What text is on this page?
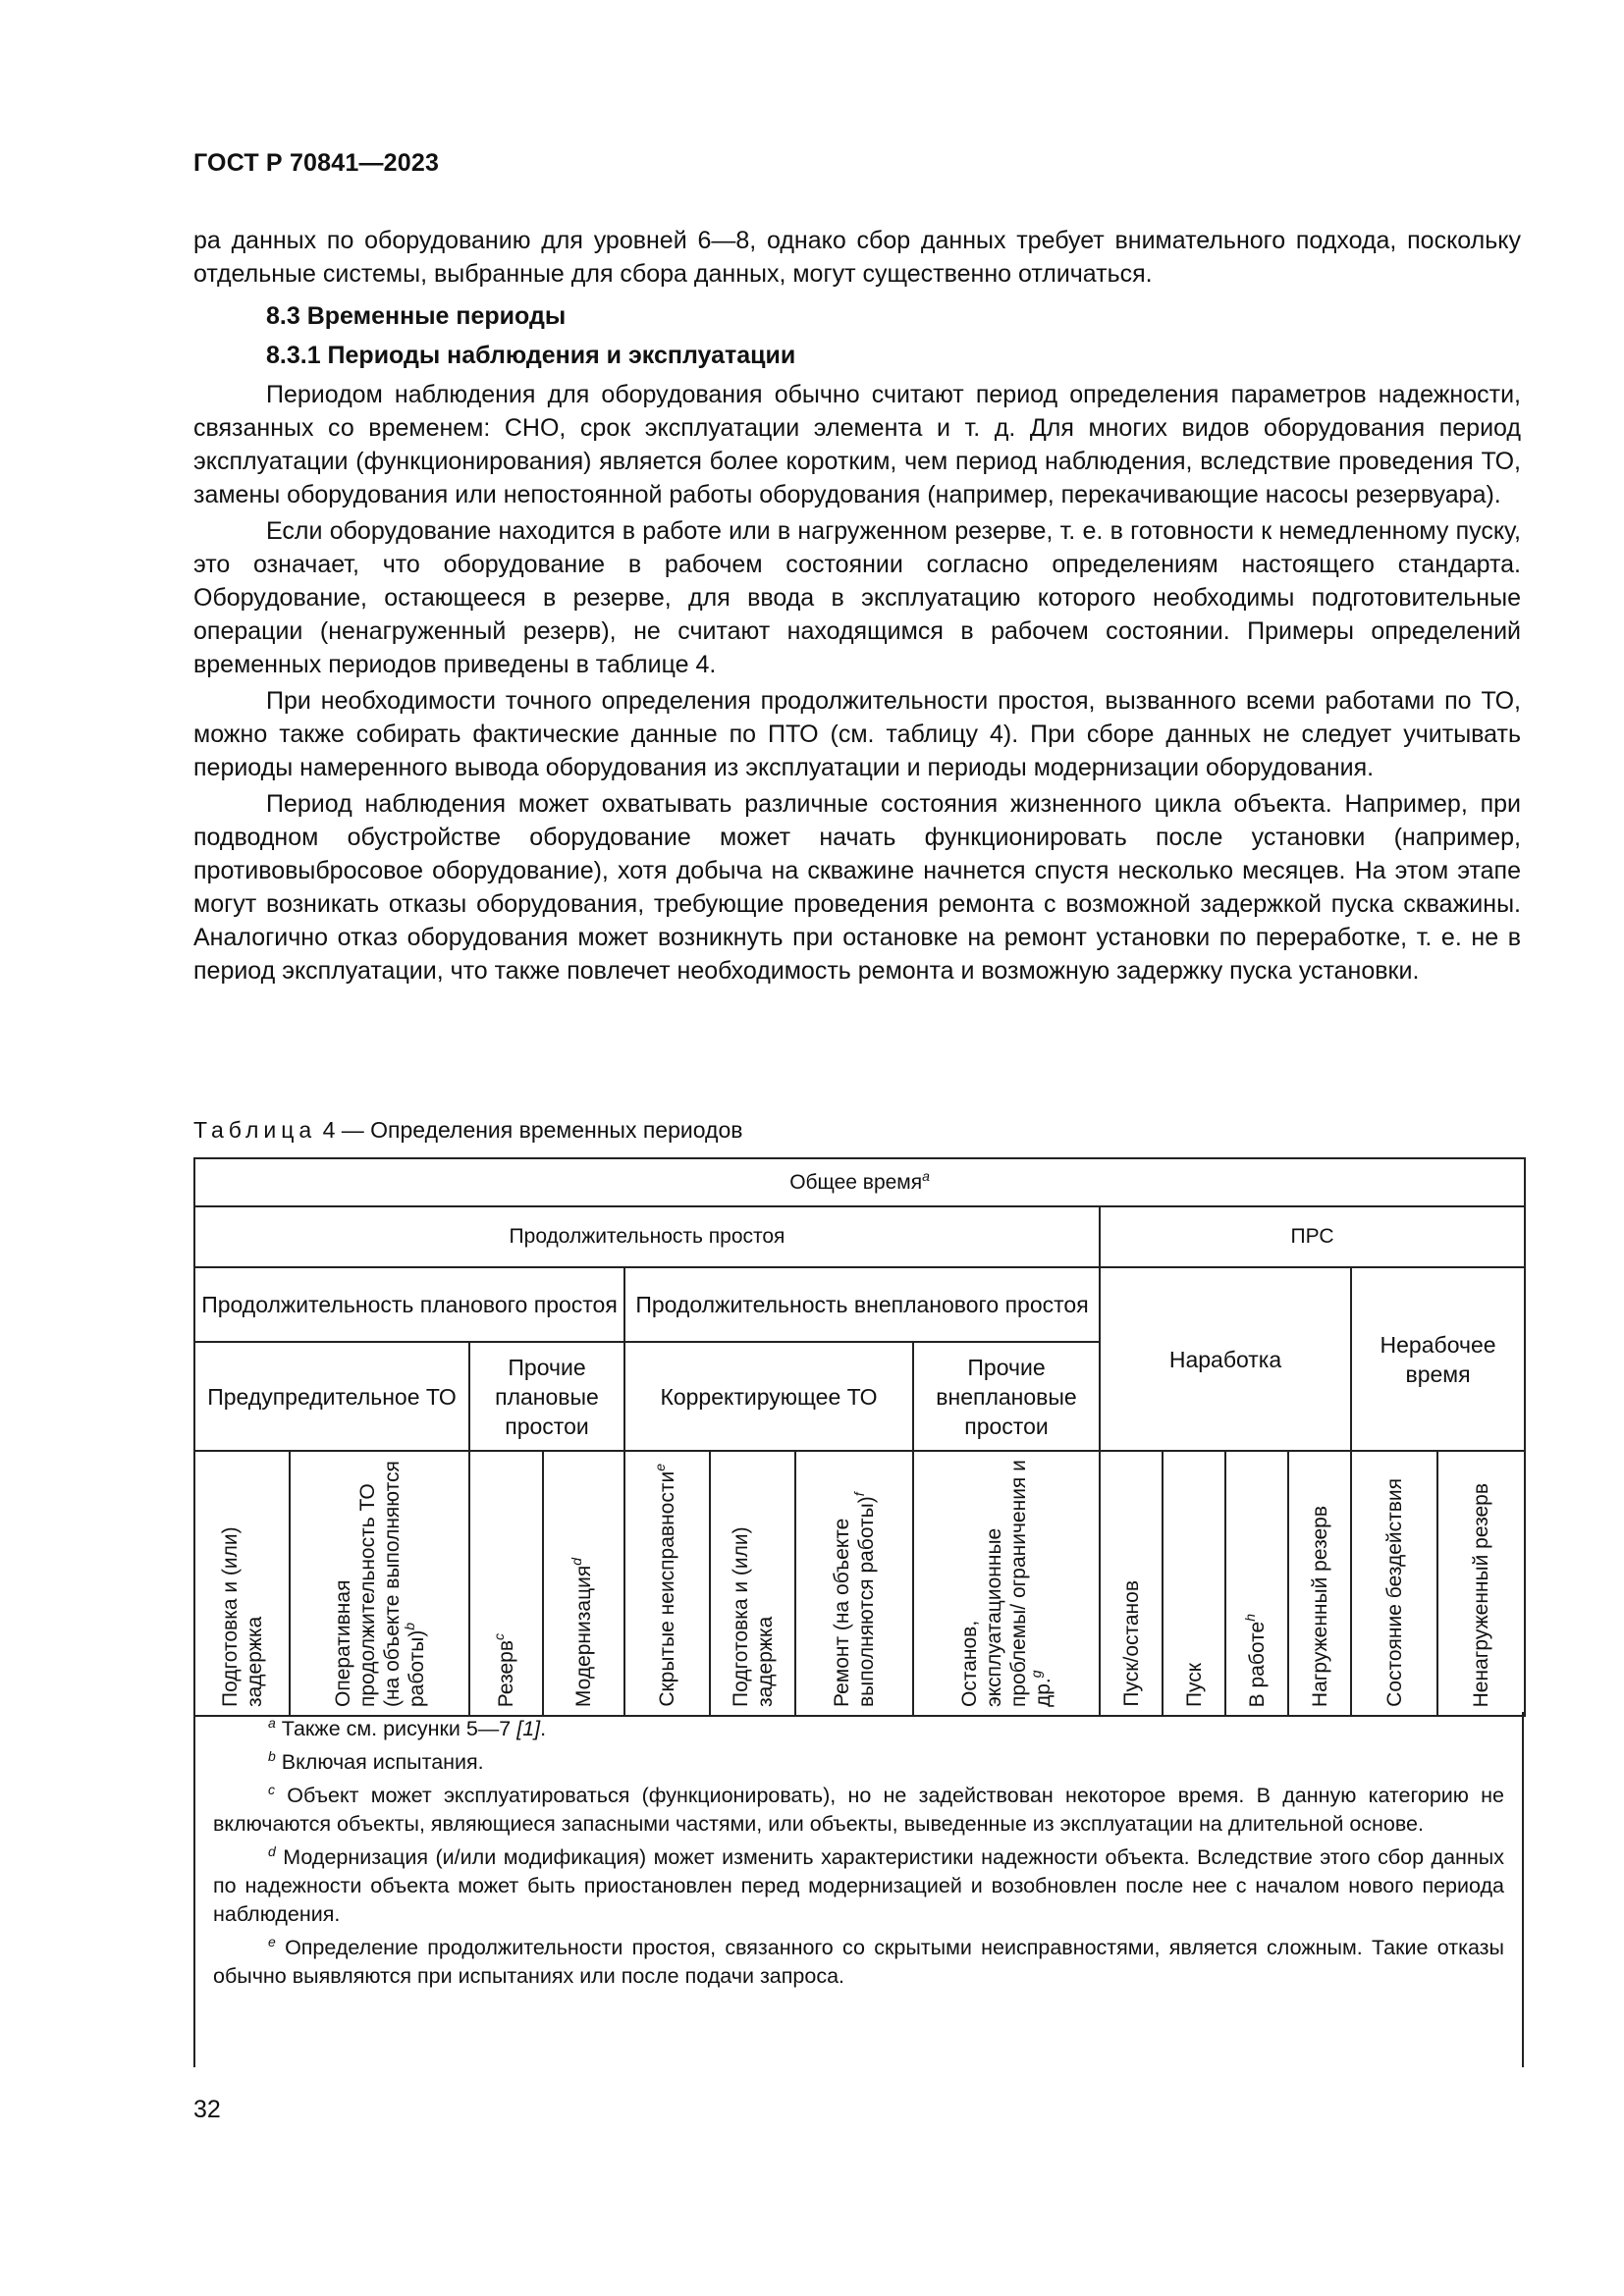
ГОСТ Р 70841—2023

ра данных по оборудованию для уровней 6—8, однако сбор данных требует внимательного подхода, поскольку отдельные системы, выбранные для сбора данных, могут существенно отличаться.

8.3 Временные периоды
8.3.1 Периоды наблюдения и эксплуатации

Периодом наблюдения для оборудования обычно считают период определения параметров надежности, связанных со временем: СНО, срок эксплуатации элемента и т. д. Для многих видов оборудования период эксплуатации (функционирования) является более коротким, чем период наблюдения, вследствие проведения ТО, замены оборудования или непостоянной работы оборудования (например, перекачивающие насосы резервуара).

Если оборудование находится в работе или в нагруженном резерве, т. е. в готовности к немедленному пуску, это означает, что оборудование в рабочем состоянии согласно определениям настоящего стандарта. Оборудование, остающееся в резерве, для ввода в эксплуатацию которого необходимы подготовительные операции (ненагруженный резерв), не считают находящимся в рабочем состоянии. Примеры определений временных периодов приведены в таблице 4.

При необходимости точного определения продолжительности простоя, вызванного всеми работами по ТО, можно также собирать фактические данные по ПТО (см. таблицу 4). При сборе данных не следует учитывать периоды намеренного вывода оборудования из эксплуатации и периоды модернизации оборудования.

Период наблюдения может охватывать различные состояния жизненного цикла объекта. Например, при подводном обустройстве оборудование может начать функционировать после установки (например, противовыбросовое оборудование), хотя добыча на скважине начнется спустя несколько месяцев. На этом этапе могут возникать отказы оборудования, требующие проведения ремонта с возможной задержкой пуска скважины. Аналогично отказ оборудования может возникнуть при остановке на ремонт установки по переработке, т. е. не в период эксплуатации, что также повлечет необходимость ремонта и возможную задержку пуска установки.

Таблица 4 — Определения временных периодов
Общее время$^a$
Продолжительность простоя								ПРС					
Продолжительность планового простоя				Продолжительность внепланового простоя				Наработка				Нерабочее время	
Предупредительное ТО		Прочие плановые простои		Корректирующее ТО			Прочие внеплановые простои						

Подготовка и (или) задержка	Оперативная продолжительность ТО (на объекте выполняются работы)$^b$	Резерв$^c$	Модернизация$^d$	Скрытые неисправности$^e$	Подготовка и (или) задержка	Ремонт (на объекте выполняются работы)$^f$	Останов, эксплуатационные проблемы/ ограничения и др.$^g$	Пуск/останов	Пуск	В работе$^h$	Нагруженный резерв	Состояние бездействия	Ненагруженный резерв

$^a$ Также см. рисунки 5—7 [1].

$^b$ Включая испытания.

$^c$ Объект может эксплуатироваться (функционировать), но не задействован некоторое время. В данную категорию не включаются объекты, являющиеся запасными частями, или объекты, выведенные из эксплуатации на длительной основе.

$^d$ Модернизация (и/или модификация) может изменить характеристики надежности объекта. Вследствие этого сбор данных по надежности объекта может быть приостановлен перед модернизацией и возобновлен после нее с началом нового периода наблюдения.

$^e$ Определение продолжительности простоя, связанного со скрытыми неисправностями, является сложным. Такие отказы обычно выявляются при испытаниях или после подачи запроса.

32
